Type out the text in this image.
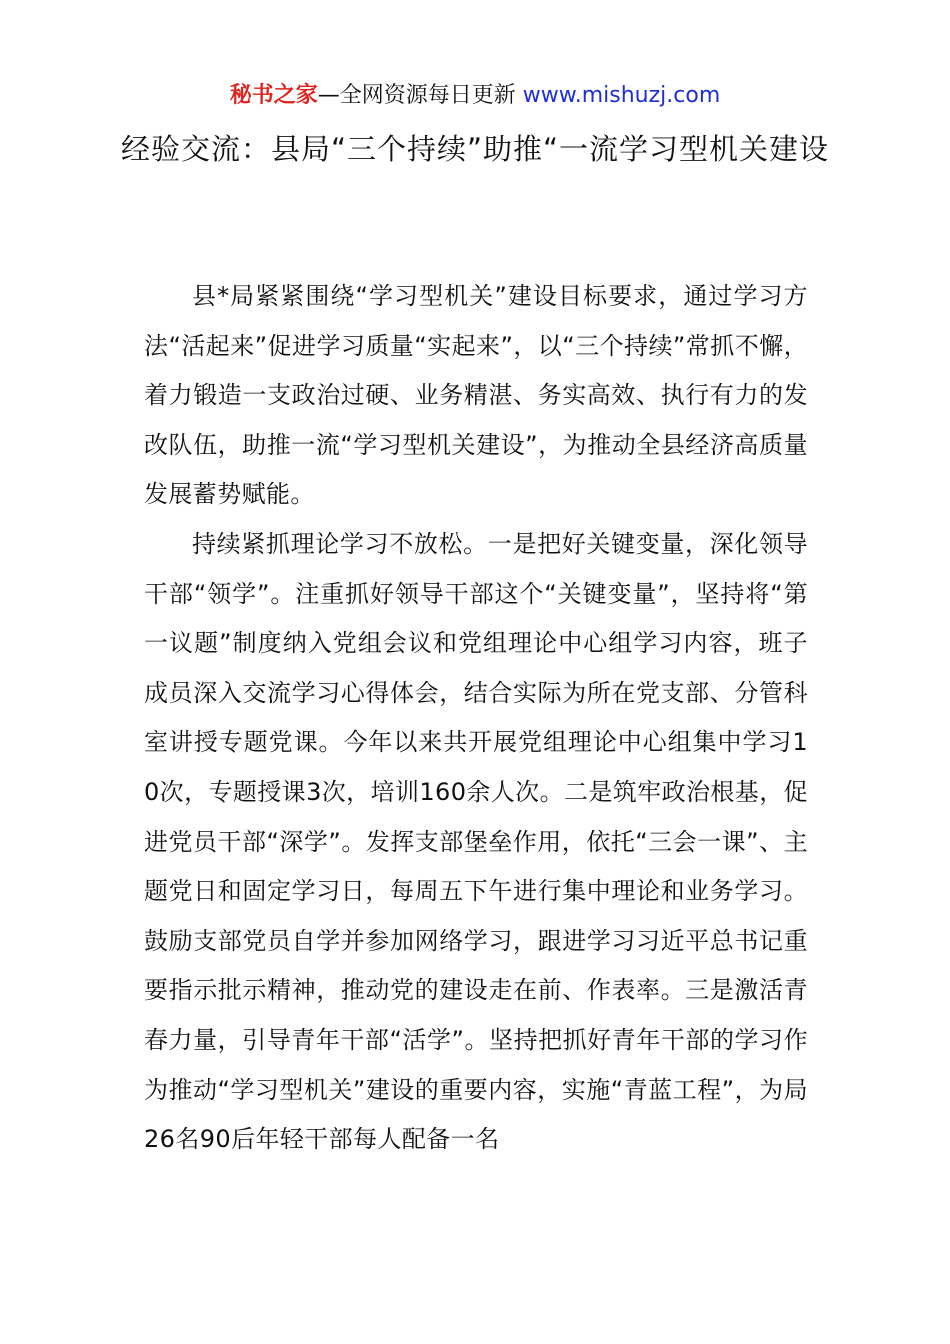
秘书之家—全网资源每日更新 www.mishuzj.com
经验交流：县局“三个持续”助推“一流学习型机关建设

县*局紧紧围绕“学习型机关”建设目标要求，通过学习方法“活起来”促进学习质量“实起来”，以“三个持续”常抓不懈，着力锻造一支政治过硬、业务精湛、务实高效、执行有力的发改队伍，助推一流“学习型机关建设”，为推动全县经济高质量发展蓄势赋能。

持续紧抓理论学习不放松。一是把好关键变量，深化领导干部“领学”。注重抓好领导干部这个“关键变量”，坚持将“第一议题”制度纳入党组会议和党组理论中心组学习内容，班子成员深入交流学习心得体会，结合实际为所在党支部、分管科室讲授专题党课。今年以来共开展党组理论中心组集中学习10次，专题授课3次，培训160余人次。二是筑牢政治根基，促进党员干部“深学”。发挥支部堡垒作用，依托“三会一课”、主题党日和固定学习日，每周五下午进行集中理论和业务学习。鼓励支部党员自学并参加网络学习，跟进学习习近平总书记重要指示批示精神，推动党的建设走在前、作表率。三是激活青春力量，引导青年干部“活学”。坚持把抓好青年干部的学习作为推动“学习型机关”建设的重要内容，实施“青蓝工程”，为局26名90后年轻干部每人配备一名
